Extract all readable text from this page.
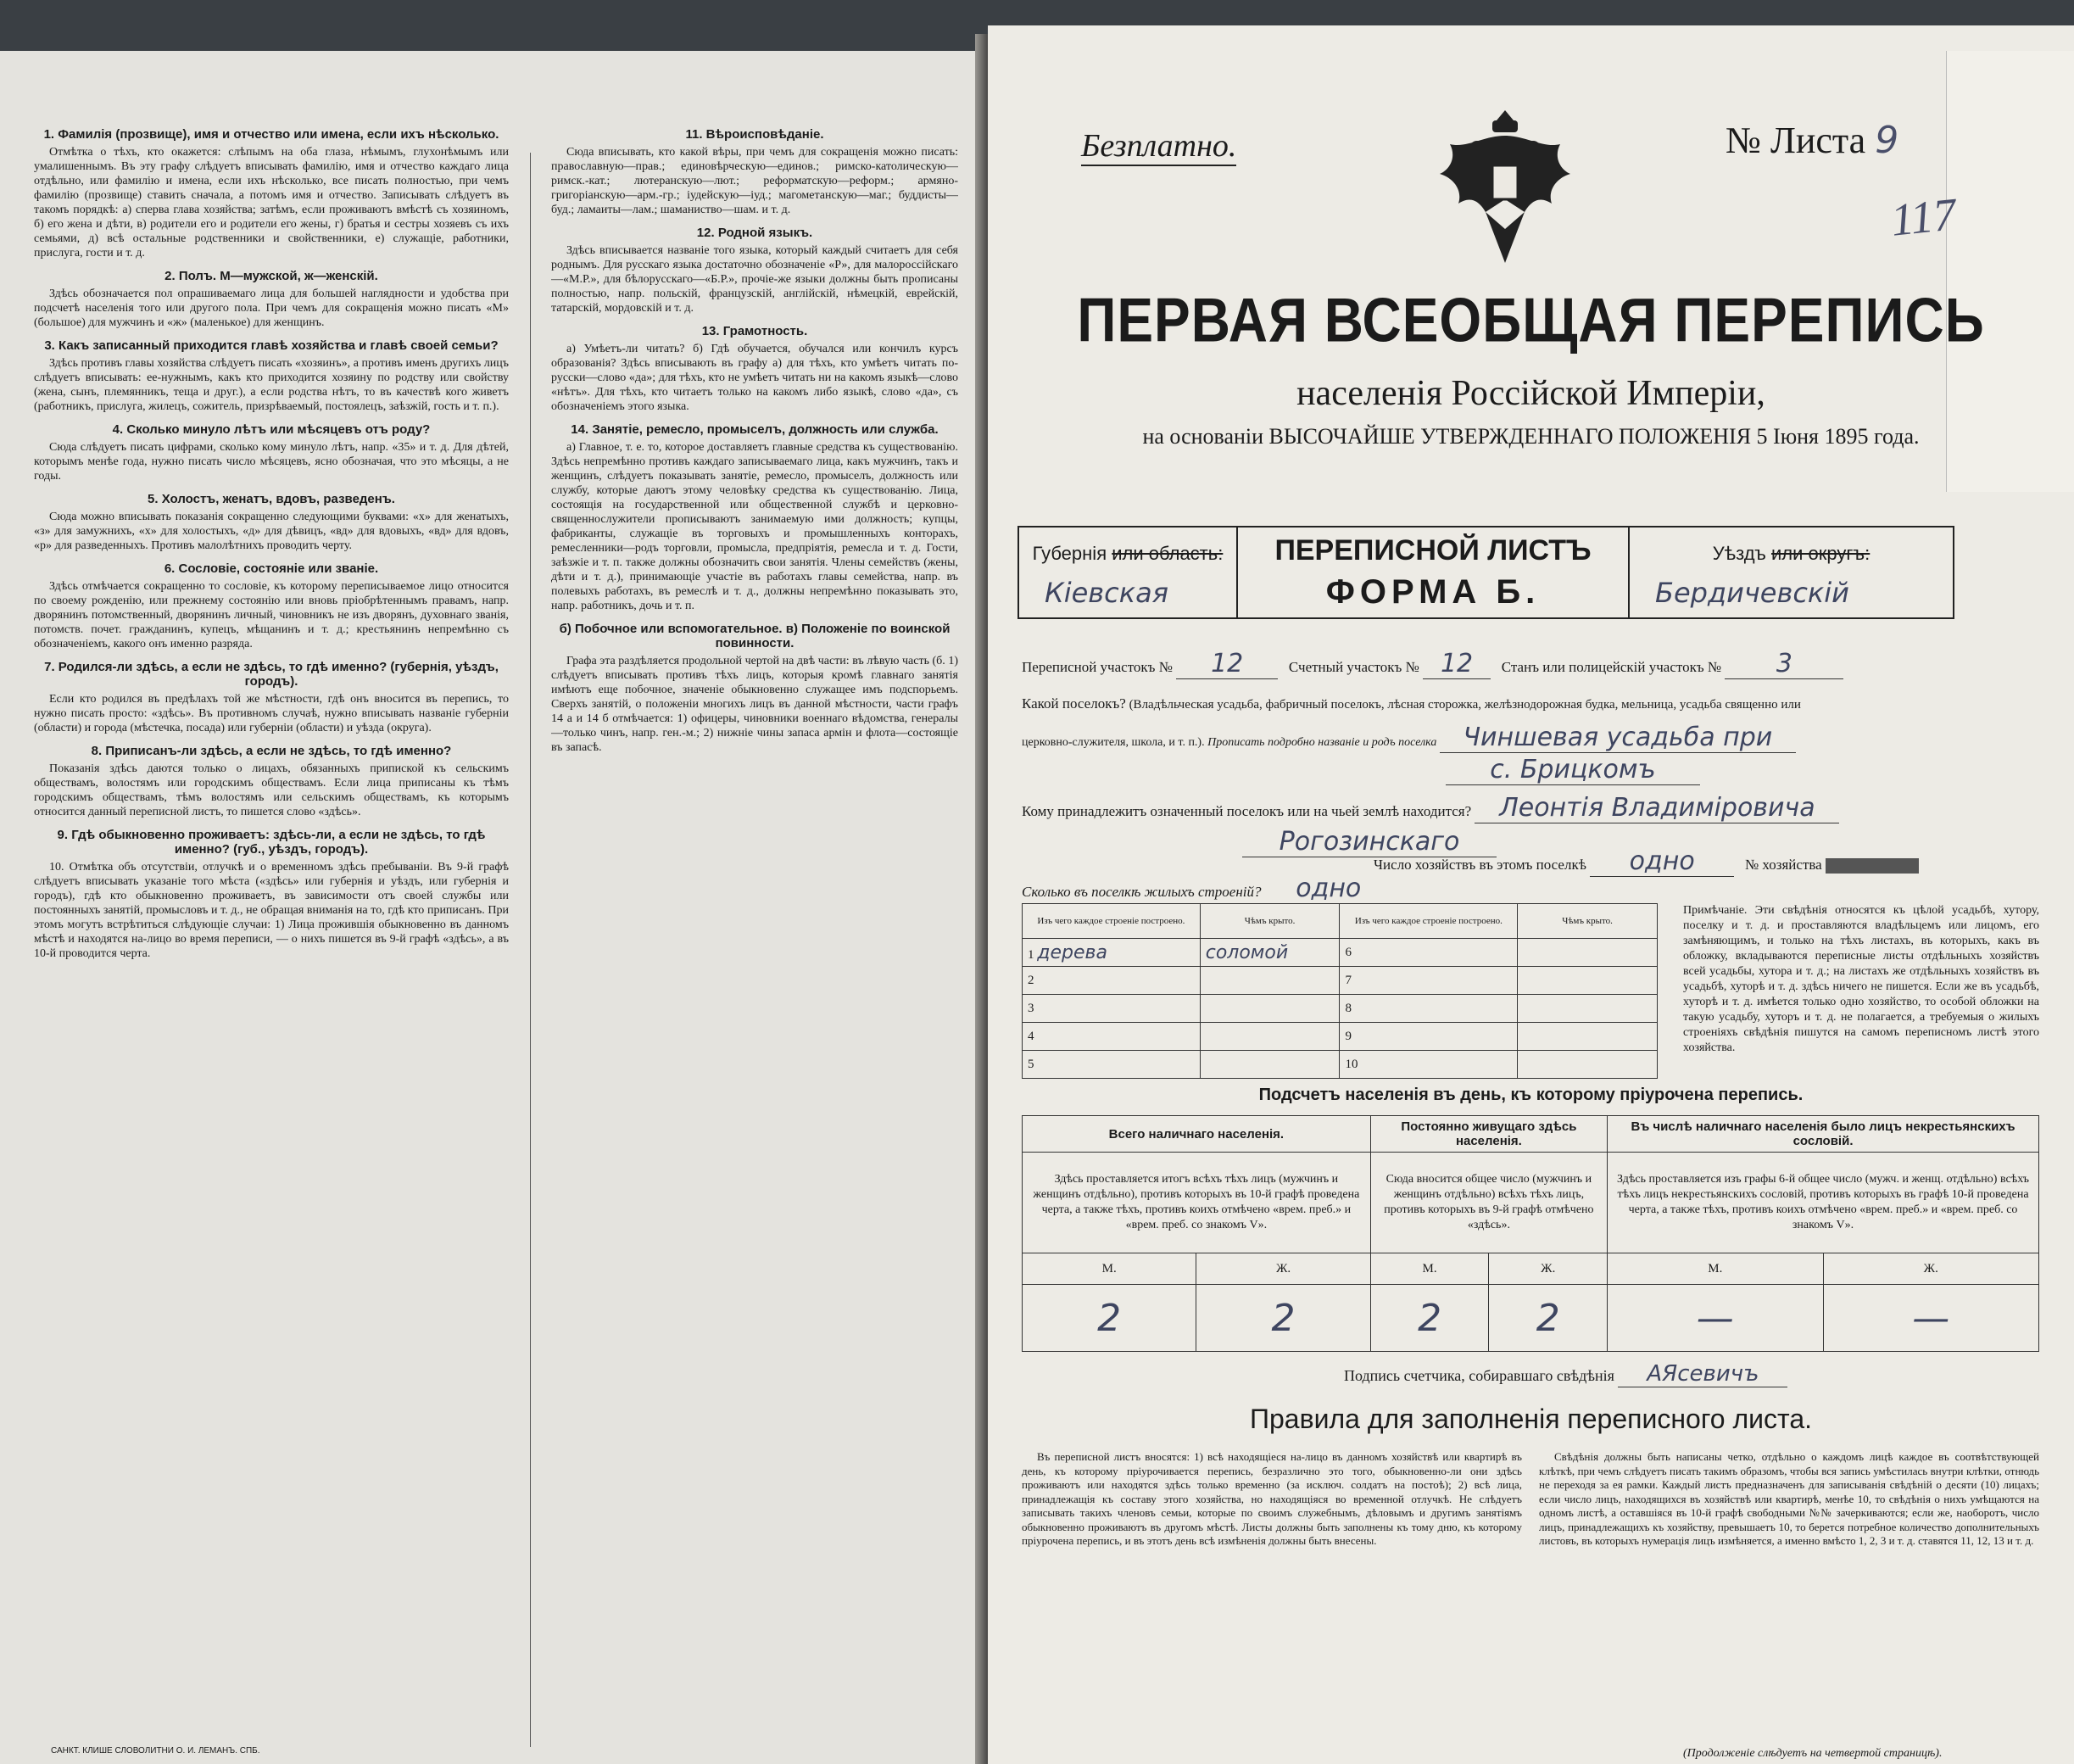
1. Фамилія (прозвище), имя и отчество или имена, если ихъ нѣсколько.

Отмѣтка о тѣхъ, кто окажется: слѣпымъ на оба глаза, нѣмымъ, глухонѣмымъ или умалишеннымъ. Въ эту графу слѣдуетъ вписывать фамилію, имя и отчество каждаго лица отдѣльно, или фамилію и имена, если ихъ нѣсколько, все писать полностью, при чемъ фамилію (прозвище) ставить сначала, а потомъ имя и отчество. Записывать слѣдуетъ въ такомъ порядкѣ: а) сперва глава хозяйства; затѣмъ, если проживаютъ вмѣстѣ съ хозяиномъ, б) его жена и дѣти, в) родители его и родители его жены, г) братья и сестры хозяевъ съ ихъ семьями, д) всѣ остальные родственники и свойственники, е) служащіе, работники, прислуга, гости и т. д.

2. Полъ. М—мужской, ж—женскій.

Здѣсь обозначается пол опрашиваемаго лица для большей наглядности и удобства при подсчетѣ населенія того или другого пола. При чемъ для сокращенія можно писать «М» (большое) для мужчинъ и «ж» (маленькое) для женщинъ.

3. Какъ записанный приходится главѣ хозяйства и главѣ своей семьи?

Здѣсь противъ главы хозяйства слѣдуетъ писать «хозяинъ», а противъ именъ другихъ лицъ слѣдуетъ вписывать: ее-нужнымъ, какъ кто приходится хозяину по родству или свойству (жена, сынъ, племянникъ, теща и друг.), а если родства нѣтъ, то въ качествѣ кого живетъ (работникъ, прислуга, жилецъ, сожитель, призрѣваемый, постоялецъ, заѣзжій, гость и т. п.).

4. Сколько минуло лѣтъ или мѣсяцевъ отъ роду?

Сюда слѣдуетъ писать цифрами, сколько кому минуло лѣтъ, напр. «35» и т. д. Для дѣтей, которымъ менѣе года, нужно писать число мѣсяцевъ, ясно обозначая, что это мѣсяцы, а не годы.

5. Холостъ, женатъ, вдовъ, разведенъ.

Сюда можно вписывать показанія сокращенно следующими буквами: «х» для женатыхъ, «з» для замужнихъ, «х» для холостыхъ, «д» для дѣвицъ, «вд» для вдовыхъ, «вд» для вдовъ, «р» для разведенныхъ. Противъ малолѣтнихъ проводить черту.

6. Сословіе, состояніе или званіе.

Здѣсь отмѣчается сокращенно то сословіе, къ которому переписываемое лицо относится по своему рожденію, или прежнему состоянію или вновь пріобрѣтеннымъ правамъ, напр. дворянинъ потомственный, дворянинъ личный, чиновникъ не изъ дворянъ, духовнаго званія, потомств. почет. гражданинъ, купецъ, мѣщанинъ и т. д.; крестьянинъ непремѣнно съ обозначеніемъ, какого онъ именно разряда.

7. Родился-ли здѣсь, а если не здѣсь, то гдѣ именно? (губернія, уѣздъ, городъ).

Если кто родился въ предѣлахъ той же мѣстности, гдѣ онъ вносится въ перепись, то нужно писать просто: «здѣсь». Въ противномъ случаѣ, нужно вписывать названіе губерніи (области) и города (мѣстечка, посада) или губерніи (области) и уѣзда (округа).

8. Приписанъ-ли здѣсь, а если не здѣсь, то гдѣ именно?

Показанія здѣсь даются только о лицахъ, обязанныхъ припиской къ сельскимъ обществамъ, волостямъ или городскимъ обществамъ. Если лица приписаны къ тѣмъ городскимъ обществамъ, тѣмъ волостямъ или сельскимъ обществамъ, къ которымъ относится данный переписной листъ, то пишется слово «здѣсь».

9. Гдѣ обыкновенно проживаетъ: здѣсь-ли, а если не здѣсь, то гдѣ именно? (губ., уѣздъ, городъ).

10. Отмѣтка объ отсутствіи, отлучкѣ и о временномъ здѣсь пребываніи. Въ 9-й графѣ слѣдуетъ вписывать указаніе того мѣста («здѣсь» или губернія и уѣздъ, или губернія и городъ), гдѣ кто обыкновенно проживаетъ, въ зависимости отъ своей службы или постоянныхъ занятій, промысловъ и т. д., не обращая вниманія на то, гдѣ кто приписанъ. При этомъ могутъ встрѣтиться слѣдующіе случаи: 1) Лица прожившія обыкновенно въ данномъ мѣстѣ и находятся на-лицо во время переписи, — о нихъ пишется въ 9-й графѣ «здѣсь», а въ 10-й проводится черта.

11. Вѣроисповѣданіе.

Сюда вписывать, кто какой вѣры, при чемъ для сокращенія можно писать: православную—прав.; единовѣрческую—единов.; римско-католическую—римск.-кат.; лютеранскую—лют.; реформатскую—реформ.; армяно-григоріанскую—арм.-гр.; іудейскую—іуд.; магометанскую—маг.; буддисты—буд.; ламаиты—лам.; шаманиство—шам. и т. д.

12. Родной языкъ.

Здѣсь вписывается названіе того языка, который каждый считаетъ для себя роднымъ. Для русскаго языка достаточно обозначеніе «Р», для малороссійскаго—«М.Р.», для бѣлорусскаго—«Б.Р.», прочіе-же языки должны быть прописаны полностью, напр. польскій, французскій, англійскій, нѣмецкій, еврейскій, татарскій, мордовскій и т. д.

13. Грамотность.

а) Умѣетъ-ли читать? б) Гдѣ обучается, обучался или кончилъ курсъ образованія? Здѣсь вписывають въ графу а) для тѣхъ, кто умѣетъ читать по-русски—слово «да»; для тѣхъ, кто не умѣетъ читать ни на какомъ языкѣ—слово «нѣтъ». Для тѣхъ, кто читаетъ только на какомъ либо языкѣ, слово «да», съ обозначеніемъ этого языка.

14. Занятіе, ремесло, промыселъ, должность или служба.

а) Главное, т. е. то, которое доставляетъ главные средства къ существованію. Здѣсь непремѣнно противъ каждаго записываемаго лица, какъ мужчинъ, такъ и женщинъ, слѣдуетъ показывать занятіе, ремесло, промыселъ, должность или службу, которые даютъ этому человѣку средства къ существованію. Лица, состоящія на государственной или общественной службѣ и церковно-священнослужители прописываютъ занимаемую ими должность; купцы, фабриканты, служащіе въ торговыхъ и промышленныхъ конторахъ, ремесленники—родъ торговли, промысла, предпріятія, ремесла и т. д. Гости, заѣзжіе и т. п. также должны обозначить свои занятія. Члены семействъ (жены, дѣти и т. д.), принимающіе участіе въ работахъ главы семейства, напр. въ полевыхъ работахъ, въ ремеслѣ и т. д., должны непремѣнно показывать это, напр. работникъ, дочь и т. п.

б) Побочное или вспомогательное. в) Положеніе по воинской повинности.

Графа эта раздѣляется продольной чертой на двѣ части: въ лѣвую часть (б. 1) слѣдуетъ вписывать противъ тѣхъ лицъ, которыя кромѣ главнаго занятія имѣютъ еще побочное, значеніе обыкновенно служащее имъ подспорьемъ. Сверхъ занятій, о положеніи многихъ лицъ въ данной мѣстности, части графъ 14 а и 14 б отмѣчается: 1) офицеры, чиновники военнаго вѣдомства, генералы—только чинъ, напр. ген.-м.; 2) нижніе чины запаса армін и флота—состоящіе въ запасѣ.

САНКТ. КЛИШЕ СЛОВОЛИТНИ О. И. ЛЕМАНЪ. СПБ.
Безплатно.	№ Листа 9
117
ПЕРВАЯ ВСЕОБЩАЯ ПЕРЕПИСЬ
населенія Россійской Имперіи,
на основаніи ВЫСОЧАЙШЕ УТВЕРЖДЕННАГО ПОЛОЖЕНІЯ 5 Іюня 1895 года.
Губернія или область:
Кіевская
ПЕРЕПИСНОЙ ЛИСТЪ
ФОРМА Б.
Уѣздъ или округъ:
Бердичевскій
Переписной участокъ № 12	Счетный участокъ № 12 Станъ или полицейскій участокъ № 3
Какой поселокъ? (Владѣльческая усадьба, фабричный поселокъ, лѣсная сторожка, желѣзнодорожная будка, мельница, усадьба священно или
церковно-служителя, школа, и т. п.). Прописать подробно названіе и родъ поселка Чиншевая усадьба при
с. Брицкомъ
Кому принадлежитъ означенный поселокъ или на чьей землѣ находится? Леонтія Владиміровича
Рогозинскаго
Число хозяйствъ въ этомъ поселкѣ одно	№ хозяйства
Сколько въ поселкѣ жилыхъ строеній? одно
Изъ чего каждое строеніе построено.	Чѣмъ крыто.	Изъ чего каждое строеніе построено.	Чѣмъ крыто.
1 дерева	соломой	6	
2		7	
3		8	
4		9	
5		10	
Примѣчаніе. Эти свѣдѣнія относятся къ цѣлой усадьбѣ, хутору, поселку и т. д. и проставляются владѣльцемъ или лицомъ, его замѣняющимъ, и только на тѣхъ листахъ, въ которыхъ, какъ въ обложку, вкладываются переписные листы отдѣльныхъ хозяйствъ всей усадьбы, хутора и т. д.; на листахъ же отдѣльныхъ хозяйствъ въ усадьбѣ, хуторѣ и т. д. здѣсь ничего не пишется. Если же въ усадьбѣ, хуторѣ и т. д. имѣется только одно хозяйство, то особой обложки на такую усадьбу, хуторъ и т. д. не полагается, а требуемыя о жилыхъ строеніяхъ свѣдѣнія пишутся на самомъ переписномъ листѣ этого хозяйства.
Подсчетъ населенія въ день, къ которому пріурочена перепись.
Всего наличнаго населенія.		Постоянно живущаго здѣсь населенія.		Въ числѣ наличнаго населенія было лицъ некрестьянскихъ сословій.	
Здѣсь проставляется итогъ всѣхъ тѣхъ лицъ (мужчинъ и женщинъ отдѣльно), противъ которыхъ въ 10-й графѣ проведена черта, а также тѣхъ, противъ коихъ отмѣчено «врем. преб.» и «врем. преб. со знакомъ V».		Сюда вносится общее число (мужчинъ и женщинъ отдѣльно) всѣхъ тѣхъ лицъ, противъ которыхъ въ 9-й графѣ отмѣчено «здѣсь».		Здѣсь проставляется изъ графы 6-й общее число (мужч. и женщ. отдѣльно) всѣхъ тѣхъ лицъ некрестьянскихъ сословій, противъ которыхъ въ графѣ 10-й проведена черта, а также тѣхъ, противъ коихъ отмѣчено «врем. преб.» и «врем. преб. со знакомъ V».	
М.	Ж.	М.	Ж.	М.	Ж.
2	2	2	2	—	—
Подпись счетчика, собиравшаго свѣдѣнія АЯсевичъ
Правила для заполненія переписного листа.

Въ переписной листъ вносятся: 1) всѣ находящіеся на-лицо въ данномъ хозяйствѣ или квартирѣ въ день, къ которому пріурочивается перепись, безразлично это того, обыкновенно-ли они здѣсь проживаютъ или находятся здѣсь только временно (за исключ. солдатъ на постоѣ); 2) всѣ лица, принадлежащія къ составу этого хозяйства, но находящіяся во временной отлучкѣ. Не слѣдуетъ записывать такихъ членовъ семьи, которые по своимъ служебнымъ, дѣловымъ и другимъ занятіямъ обыкновенно проживаютъ въ другомъ мѣстѣ. Листы должны быть заполнены къ тому дню, къ которому пріурочена перепись, и въ этотъ день всѣ измѣненія должны быть внесены.

Свѣдѣнія должны быть написаны четко, отдѣльно о каждомъ лицѣ каждое въ соотвѣтствующей клѣткѣ, при чемъ слѣдуетъ писать такимъ образомъ, чтобы вся запись умѣстилась внутри клѣтки, отнюдь не переходя за ея рамки. Каждый листъ предназначенъ для записыванія свѣдѣній о десяти (10) лицахъ; если число лицъ, находящихся въ хозяйствѣ или квартирѣ, менѣе 10, то свѣдѣнія о нихъ умѣщаются на одномъ листѣ, а оставшіяся въ 10-й графѣ свободными №№ зачеркиваются; если же, наоборотъ, число лицъ, принадлежащихъ къ хозяйству, превышаетъ 10, то берется потребное количество дополнительныхъ листовъ, въ которыхъ нумерація лицъ измѣняется, а именно вмѣсто 1, 2, 3 и т. д. ставятся 11, 12, 13 и т. д.

(Продолженіе слѣдуетъ на четвертой страницѣ).
